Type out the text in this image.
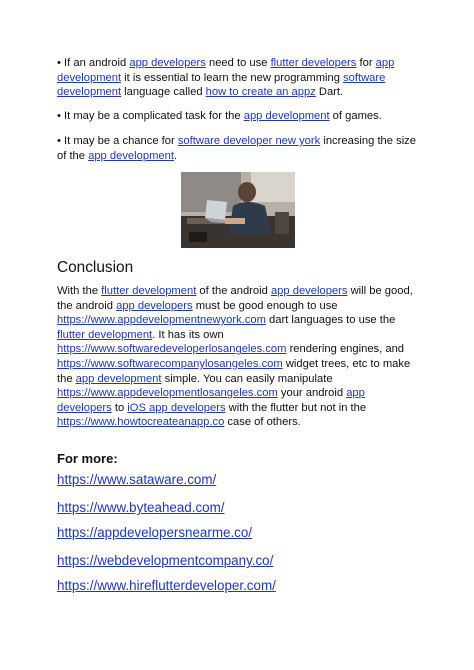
• If an android app developers need to use flutter developers for app development it is essential to learn the new programming software development language called how to create an appz Dart.
• It may be a complicated task for the app development of games.
• It may be a chance for software developer new york increasing the size of the app development.
Conclusion
With the flutter development of the android app developers will be good, the android app developers must be good enough to use https://www.appdevelopmentnewyork.com dart languages to use the flutter development. It has its own https://www.softwaredeveloperlosangeles.com rendering engines, and https://www.softwarecompanylosangeles.com widget trees, etc to make the app development simple. You can easily manipulate https://www.appdevelopmentlosangeles.com your android app developers to iOS app developers with the flutter but not in the https://www.howtocreateanapp.co case of others.
For more:
https://www.sataware.com/
https://www.byteahead.com/
https://appdevelopersnearme.co/
https://webdevelopmentcompany.co/
https://www.hireflutterdeveloper.com/
